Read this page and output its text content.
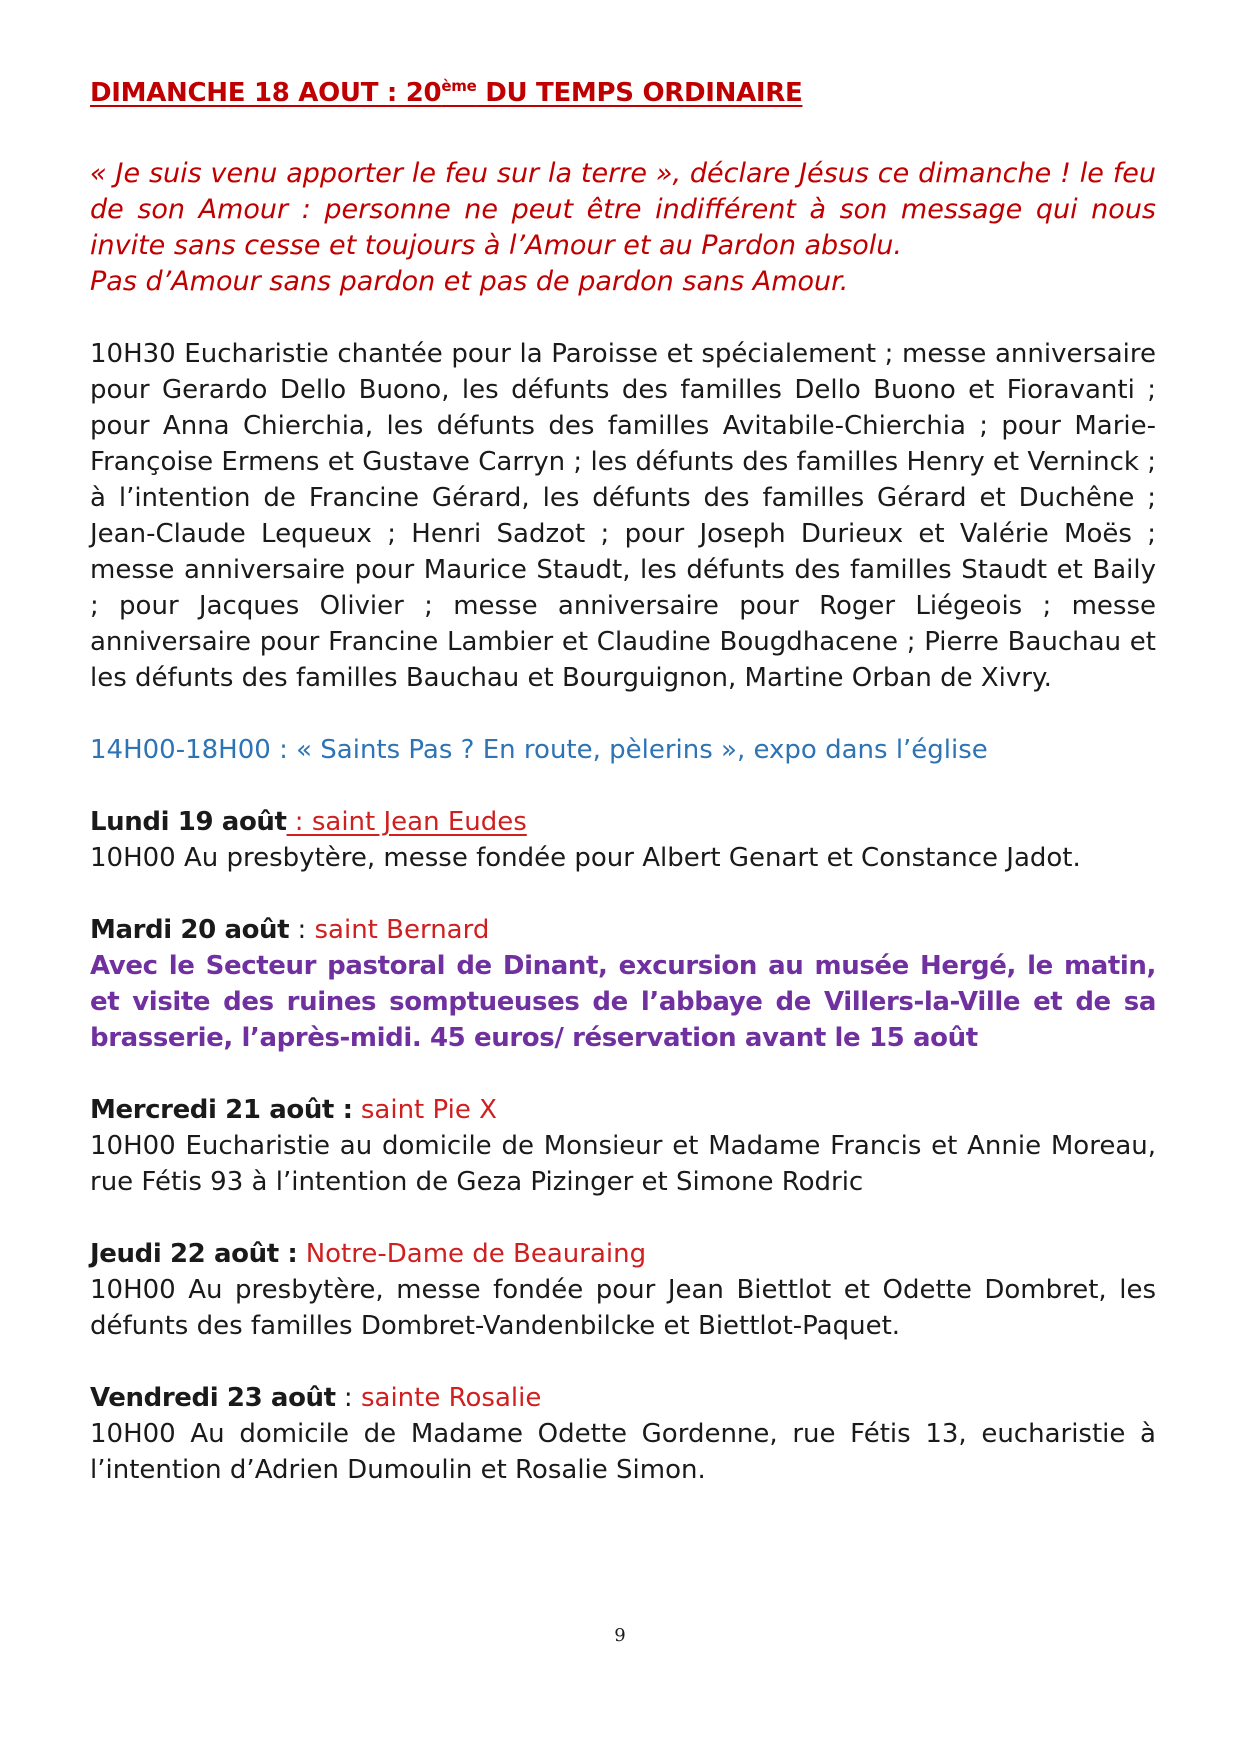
DIMANCHE 18 AOUT : 20ème DU TEMPS ORDINAIRE

« Je suis venu apporter le feu sur la terre », déclare Jésus ce dimanche ! le feu de son Amour : personne ne peut être indifférent à son message qui nous invite sans cesse et toujours à l’Amour et au Pardon absolu.

Pas d’Amour sans pardon et pas de pardon sans Amour.

10H30 Eucharistie chantée pour la Paroisse et spécialement ; messe anniversaire pour Gerardo Dello Buono, les défunts des familles Dello Buono et Fioravanti ; pour Anna Chierchia, les défunts des familles Avitabile-Chierchia ; pour Marie-Françoise Ermens et Gustave Carryn ; les défunts des familles Henry et Verninck ; à l’intention de Francine Gérard, les défunts des familles Gérard et Duchêne ; Jean-Claude Lequeux ; Henri Sadzot ; pour Joseph Durieux et Valérie Moës ; messe anniversaire pour Maurice Staudt, les défunts des familles Staudt et Baily ; pour Jacques Olivier ; messe anniversaire pour Roger Liégeois ; messe anniversaire pour Francine Lambier et Claudine Bougdhacene ; Pierre Bauchau et les défunts des familles Bauchau et Bourguignon, Martine Orban de Xivry.

14H00-18H00 : « Saints Pas ? En route, pèlerins », expo dans l’église

Lundi 19 août : saint Jean Eudes

10H00 Au presbytère, messe fondée pour Albert Genart et Constance Jadot.

Mardi 20 août : saint Bernard

Avec le Secteur pastoral de Dinant, excursion au musée Hergé, le matin, et visite des ruines somptueuses de l’abbaye de Villers-la-Ville et de sa brasserie, l’après-midi. 45 euros/ réservation avant le 15 août

Mercredi 21 août : saint Pie X

10H00 Eucharistie au domicile de Monsieur et Madame Francis et Annie Moreau, rue Fétis 93 à l’intention de Geza Pizinger et Simone Rodric

Jeudi 22 août : Notre-Dame de Beauraing

10H00 Au presbytère, messe fondée pour Jean Biettlot et Odette Dombret, les défunts des familles Dombret-Vandenbilcke et Biettlot-Paquet.

Vendredi 23 août : sainte Rosalie

10H00 Au domicile de Madame Odette Gordenne, rue Fétis 13, eucharistie à l’intention d’Adrien Dumoulin et Rosalie Simon.

9
